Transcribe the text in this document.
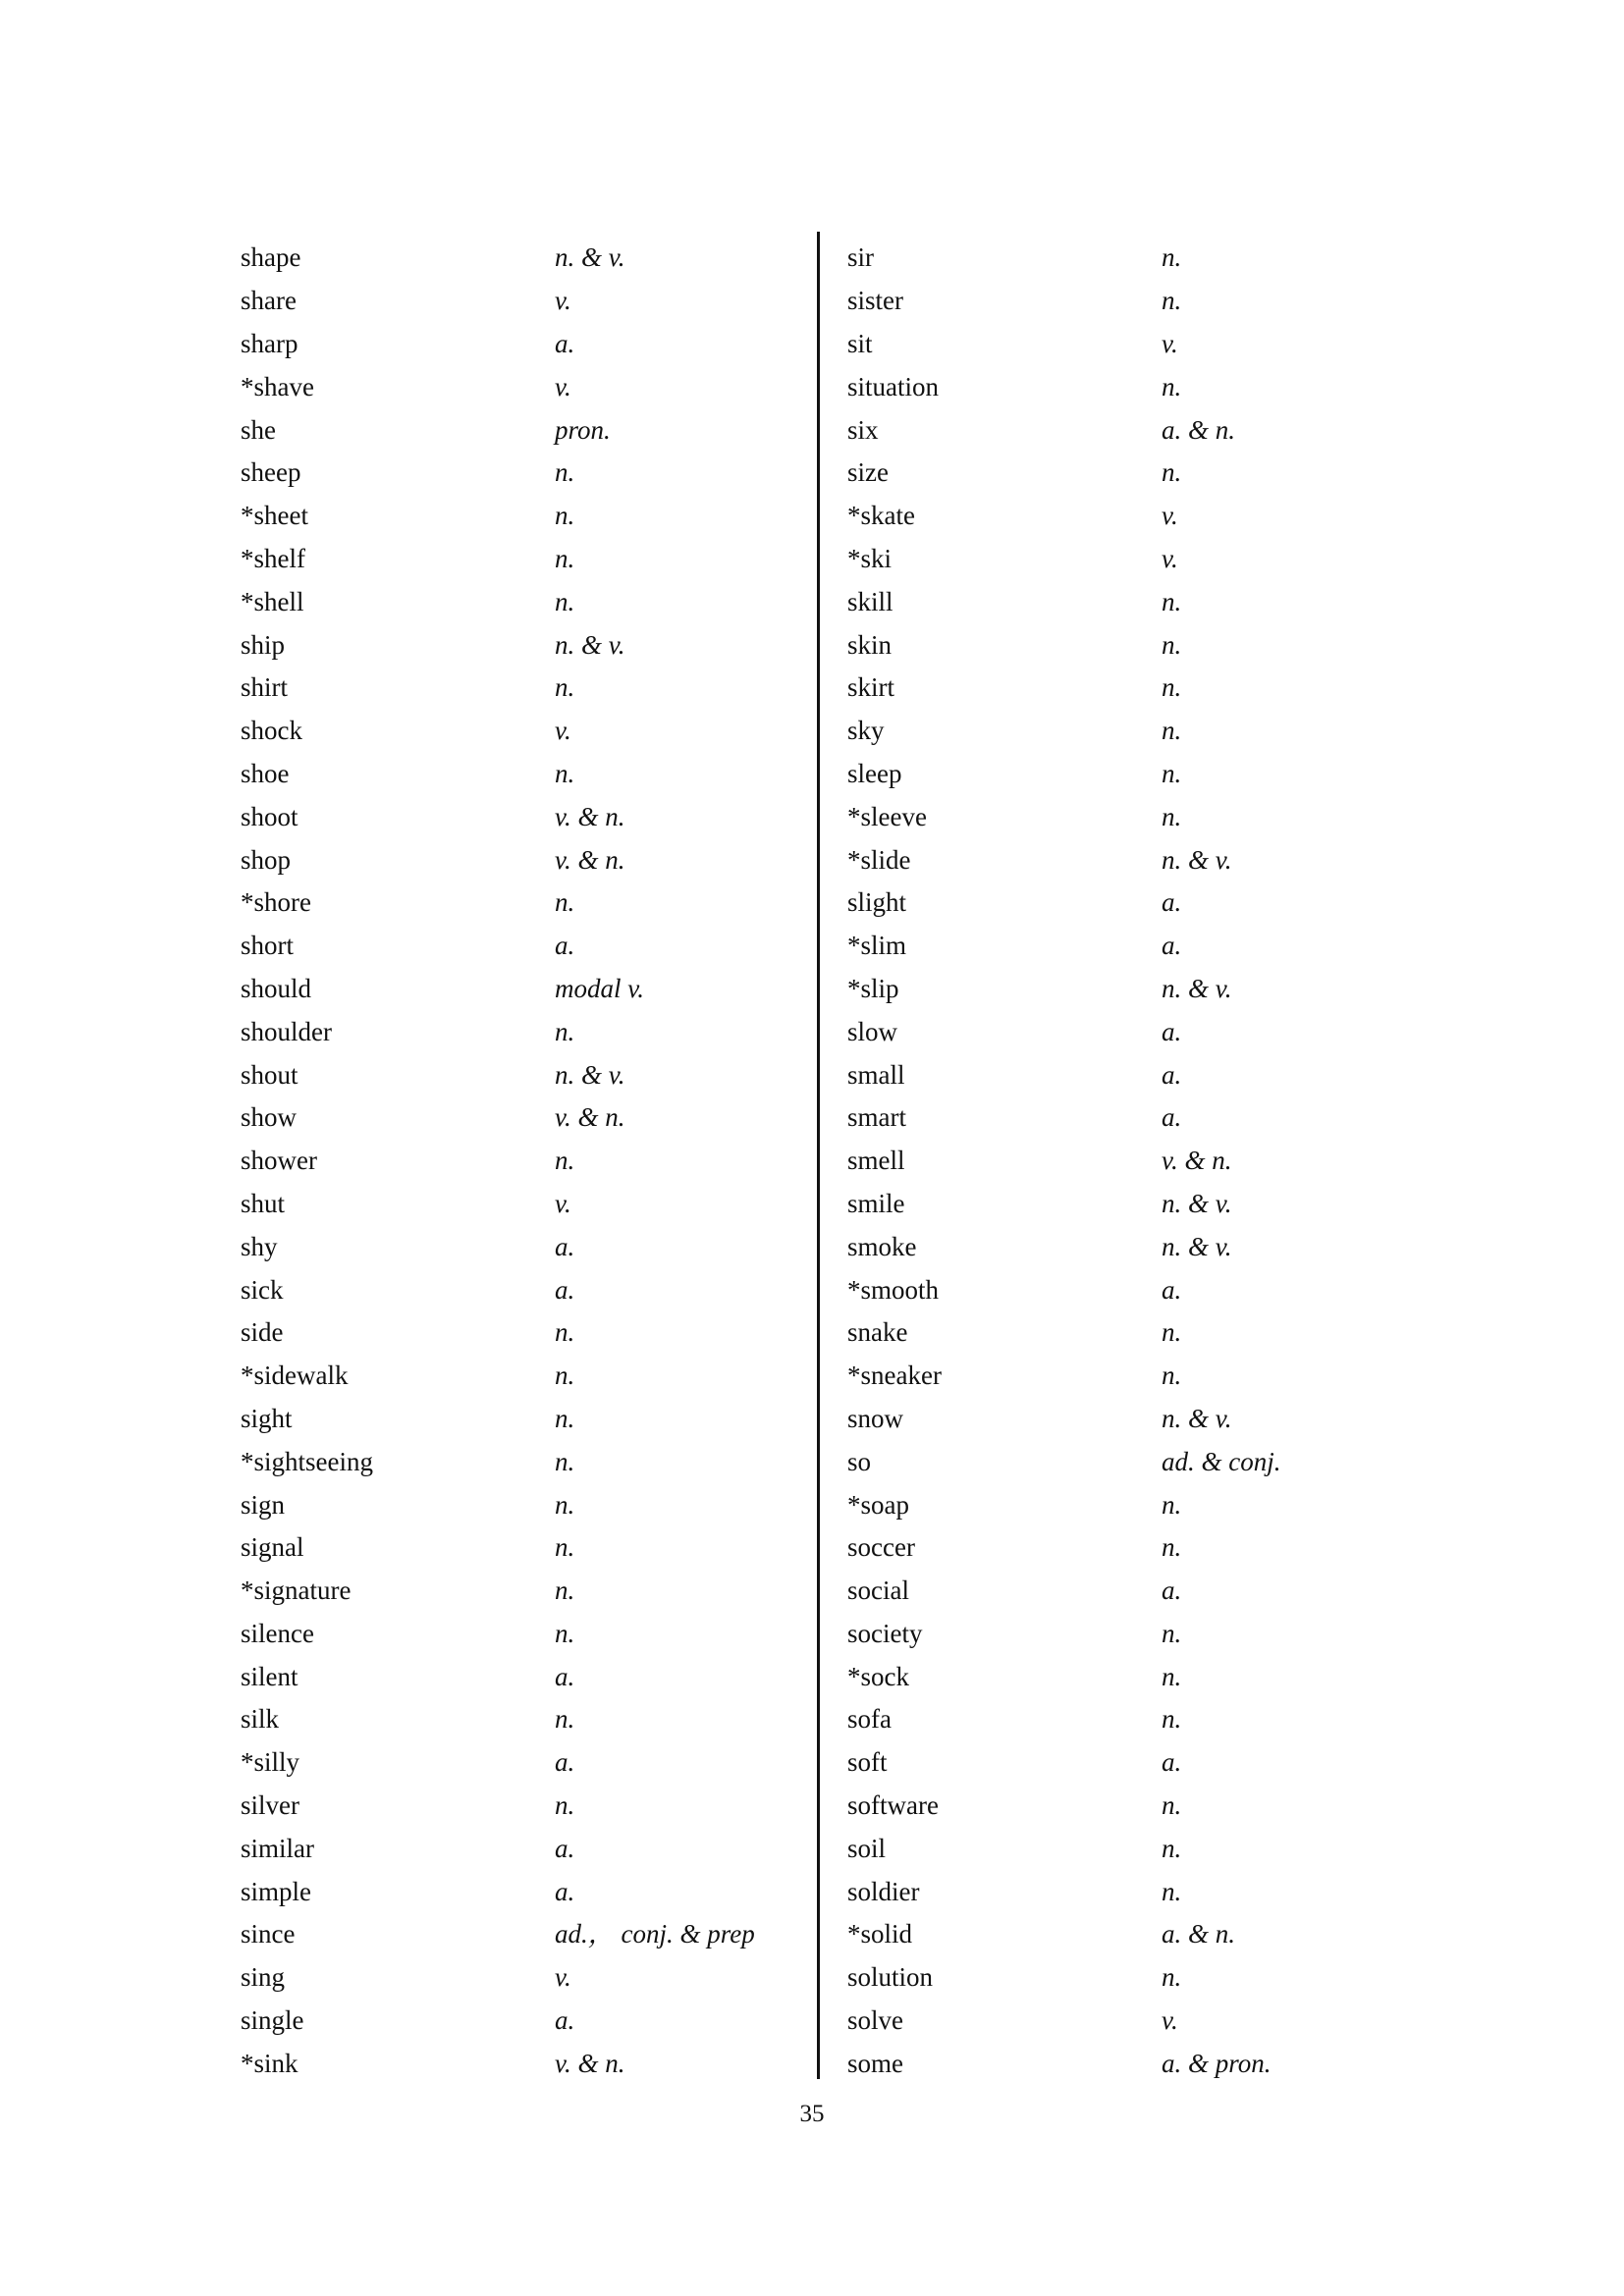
shape	n. & v.
share	v.
sharp	a.
*shave	v.
she	pron.
sheep	n.
*sheet	n.
*shelf	n.
*shell	n.
ship	n. & v.
shirt	n.
shock	v.
shoe	n.
shoot	v. & n.
shop	v. & n.
*shore	n.
short	a.
should	modal v.
shoulder	n.
shout	n. & v.
show	v. & n.
shower	n.
shut	v.
shy	a.
sick	a.
side	n.
*sidewalk	n.
sight	n.
*sightseeing	n.
sign	n.
signal	n.
*signature	n.
silence	n.
silent	a.
silk	n.
*silly	a.
silver	n.
similar	a.
simple	a.
since	ad.， conj. & prep
sing	v.
single	a.
*sink	v. & n.
sir	n.
sister	n.
sit	v.
situation	n.
six	a. & n.
size	n.
*skate	v.
*ski	v.
skill	n.
skin	n.
skirt	n.
sky	n.
sleep	n.
*sleeve	n.
*slide	n. & v.
slight	a.
*slim	a.
*slip	n. & v.
slow	a.
small	a.
smart	a.
smell	v. & n.
smile	n. & v.
smoke	n. & v.
*smooth	a.
snake	n.
*sneaker	n.
snow	n. & v.
so	ad. & conj.
*soap	n.
soccer	n.
social	a.
society	n.
*sock	n.
sofa	n.
soft	a.
software	n.
soil	n.
soldier	n.
*solid	a. & n.
solution	n.
solve	v.
some	a. & pron.
35
